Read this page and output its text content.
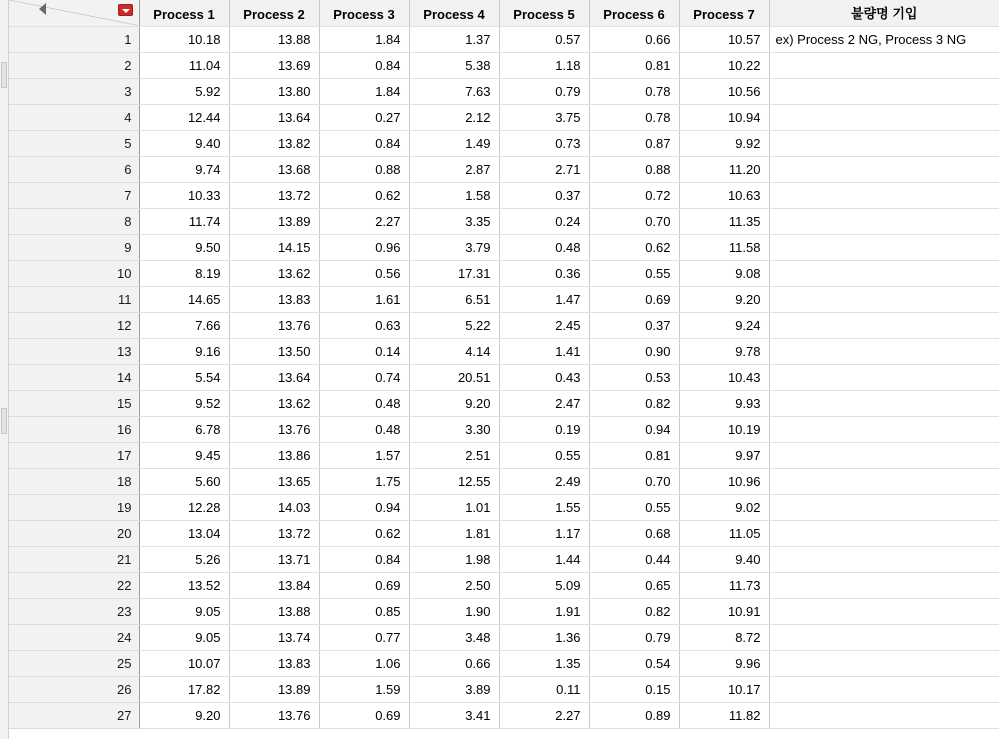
	Process 1	Process 2	Process 3	Process 4	Process 5	Process 6	Process 7	불량명 기입
1	10.18	13.88	1.84	1.37	0.57	0.66	10.57	ex) Process 2 NG, Process 3 NG
2	11.04	13.69	0.84	5.38	1.18	0.81	10.22	
3	5.92	13.80	1.84	7.63	0.79	0.78	10.56	
4	12.44	13.64	0.27	2.12	3.75	0.78	10.94	
5	9.40	13.82	0.84	1.49	0.73	0.87	9.92	
6	9.74	13.68	0.88	2.87	2.71	0.88	11.20	
7	10.33	13.72	0.62	1.58	0.37	0.72	10.63	
8	11.74	13.89	2.27	3.35	0.24	0.70	11.35	
9	9.50	14.15	0.96	3.79	0.48	0.62	11.58	
10	8.19	13.62	0.56	17.31	0.36	0.55	9.08	
11	14.65	13.83	1.61	6.51	1.47	0.69	9.20	
12	7.66	13.76	0.63	5.22	2.45	0.37	9.24	
13	9.16	13.50	0.14	4.14	1.41	0.90	9.78	
14	5.54	13.64	0.74	20.51	0.43	0.53	10.43	
15	9.52	13.62	0.48	9.20	2.47	0.82	9.93	
16	6.78	13.76	0.48	3.30	0.19	0.94	10.19	
17	9.45	13.86	1.57	2.51	0.55	0.81	9.97	
18	5.60	13.65	1.75	12.55	2.49	0.70	10.96	
19	12.28	14.03	0.94	1.01	1.55	0.55	9.02	
20	13.04	13.72	0.62	1.81	1.17	0.68	11.05	
21	5.26	13.71	0.84	1.98	1.44	0.44	9.40	
22	13.52	13.84	0.69	2.50	5.09	0.65	11.73	
23	9.05	13.88	0.85	1.90	1.91	0.82	10.91	
24	9.05	13.74	0.77	3.48	1.36	0.79	8.72	
25	10.07	13.83	1.06	0.66	1.35	0.54	9.96	
26	17.82	13.89	1.59	3.89	0.11	0.15	10.17	
27	9.20	13.76	0.69	3.41	2.27	0.89	11.82	
